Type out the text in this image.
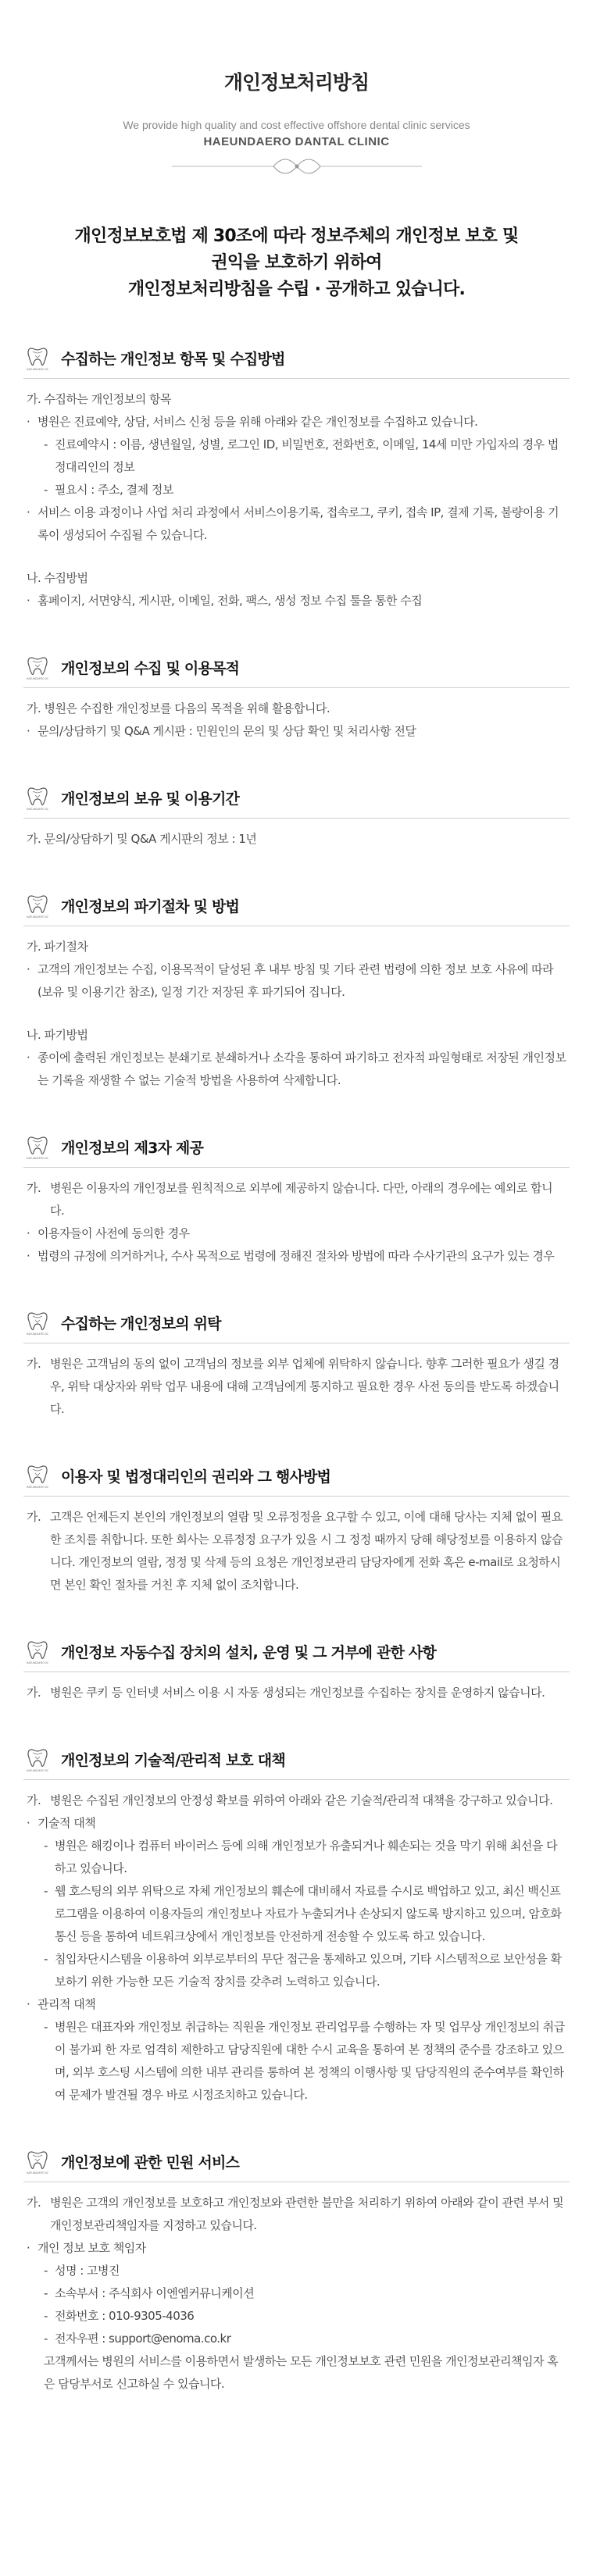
개인정보처리방침
We provide high quality and cost effective offshore dental clinic services
HAEUNDAERO DANTAL CLINIC
개인정보보호법 제 30조에 따라 정보주체의 개인정보 보호 및
권익을 보호하기 위하여
개인정보처리방침을 수립 · 공개하고 있습니다.
HAEUNDAERO DC
수집하는 개인정보 항목 및 수집방법

가. 수집하는 개인정보의 항목

· 병원은 진료예약, 상담, 서비스 신청 등을 위해 아래와 같은 개인정보를 수집하고 있습니다.
- 진료예약시 : 이름, 생년월일, 성별, 로그인 ID, 비밀번호, 전화번호, 이메일, 14세 미만 가입자의 경우 법정대리인의 정보
- 필요시 : 주소, 결제 정보
· 서비스 이용 과정이나 사업 처리 과정에서 서비스이용기록, 접속로그, 쿠키, 접속 IP, 결제 기록, 불량이용 기록이 생성되어 수집될 수 있습니다.

나. 수집방법

· 홈페이지, 서면양식, 게시판, 이메일, 전화, 팩스, 생성 정보 수집 툴을 통한 수집
HAEUNDAERO DC
개인정보의 수집 및 이용목적

가. 병원은 수집한 개인정보를 다음의 목적을 위해 활용합니다.

· 문의/상담하기 및 Q&A 게시판 : 민원인의 문의 및 상담 확인 및 처리사항 전달
HAEUNDAERO DC
개인정보의 보유 및 이용기간

가. 문의/상담하기 및 Q&A 게시판의 정보 : 1년

HAEUNDAERO DC
개인정보의 파기절차 및 방법

가. 파기절차

· 고객의 개인정보는 수집, 이용목적이 달성된 후 내부 방침 및 기타 관련 법령에 의한 정보 보호 사유에 따라(보유 및 이용기간 참조), 일정 기간 저장된 후 파기되어 집니다.

나. 파기방법

· 종이에 출력된 개인정보는 분쇄기로 분쇄하거나 소각을 통하여 파기하고 전자적 파일형태로 저장된 개인정보는 기록을 재생할 수 없는 기술적 방법을 사용하여 삭제합니다.
HAEUNDAERO DC
개인정보의 제3자 제공
가. 병원은 이용자의 개인정보를 원칙적으로 외부에 제공하지 않습니다. 다만, 아래의 경우에는 예외로 합니다.
· 이용자들이 사전에 동의한 경우
· 법령의 규정에 의거하거나, 수사 목적으로 법령에 정해진 절차와 방법에 따라 수사기관의 요구가 있는 경우
HAEUNDAERO DC
수집하는 개인정보의 위탁
가. 병원은 고객님의 동의 없이 고객님의 정보를 외부 업체에 위탁하지 않습니다. 향후 그러한 필요가 생길 경우, 위탁 대상자와 위탁 업무 내용에 대해 고객님에게 통지하고 필요한 경우 사전 동의를 받도록 하겠습니다.
HAEUNDAERO DC
이용자 및 법정대리인의 권리와 그 행사방법
가. 고객은 언제든지 본인의 개인정보의 열람 및 오류정정을 요구할 수 있고, 이에 대해 당사는 지체 없이 필요한 조치를 취합니다. 또한 회사는 오류정정 요구가 있을 시 그 정정 때까지 당해 해당정보를 이용하지 않습니다. 개인정보의 열람, 정정 및 삭제 등의 요청은 개인정보관리 담당자에게 전화 혹은 e-mail로 요청하시면 본인 확인 절차를 거친 후 지체 없이 조치합니다.
HAEUNDAERO DC
개인정보 자동수집 장치의 설치, 운영 및 그 거부에 관한 사항
가. 병원은 쿠키 등 인터넷 서비스 이용 시 자동 생성되는 개인정보를 수집하는 장치를 운영하지 않습니다.
HAEUNDAERO DC
개인정보의 기술적/관리적 보호 대책
가. 병원은 수집된 개인정보의 안정성 확보를 위하여 아래와 같은 기술적/관리적 대책을 강구하고 있습니다.
· 기술적 대책
- 병원은 해킹이나 컴퓨터 바이러스 등에 의해 개인정보가 유출되거나 훼손되는 것을 막기 위해 최선을 다하고 있습니다.
- 웹 호스팅의 외부 위탁으로 자체 개인정보의 훼손에 대비해서 자료를 수시로 백업하고 있고, 최신 백신프로그램을 이용하여 이용자들의 개인정보나 자료가 누출되거나 손상되지 않도록 방지하고 있으며, 암호화통신 등을 통하여 네트워크상에서 개인정보를 안전하게 전송할 수 있도록 하고 있습니다.
- 침입차단시스템을 이용하여 외부로부터의 무단 접근을 통제하고 있으며, 기타 시스템적으로 보안성을 확보하기 위한 가능한 모든 기술적 장치를 갖추려 노력하고 있습니다.
· 관리적 대책
- 병원은 대표자와 개인정보 취급하는 직원을 개인정보 관리업무를 수행하는 자 및 업무상 개인정보의 취급이 불가피 한 자로 엄격히 제한하고 담당직원에 대한 수시 교육을 통하여 본 정책의 준수를 강조하고 있으며, 외부 호스팅 시스템에 의한 내부 관리를 통하여 본 정책의 이행사항 및 담당직원의 준수여부를 확인하여 문제가 발견될 경우 바로 시정조치하고 있습니다.
HAEUNDAERO DC
개인정보에 관한 민원 서비스
가. 병원은 고객의 개인정보를 보호하고 개인정보와 관련한 불만을 처리하기 위하여 아래와 같이 관련 부서 및 개인정보관리책임자를 지정하고 있습니다.
· 개인 정보 보호 책임자
- 성명 : 고병진
- 소속부서 : 주식회사 이엔엠커뮤니케이션
- 전화번호 : 010-9305-4036
- 전자우편 : support@enoma.co.kr

고객께서는 병원의 서비스를 이용하면서 발생하는 모든 개인정보보호 관련 민원을 개인정보관리책임자 혹은 담당부서로 신고하실 수 있습니다.
